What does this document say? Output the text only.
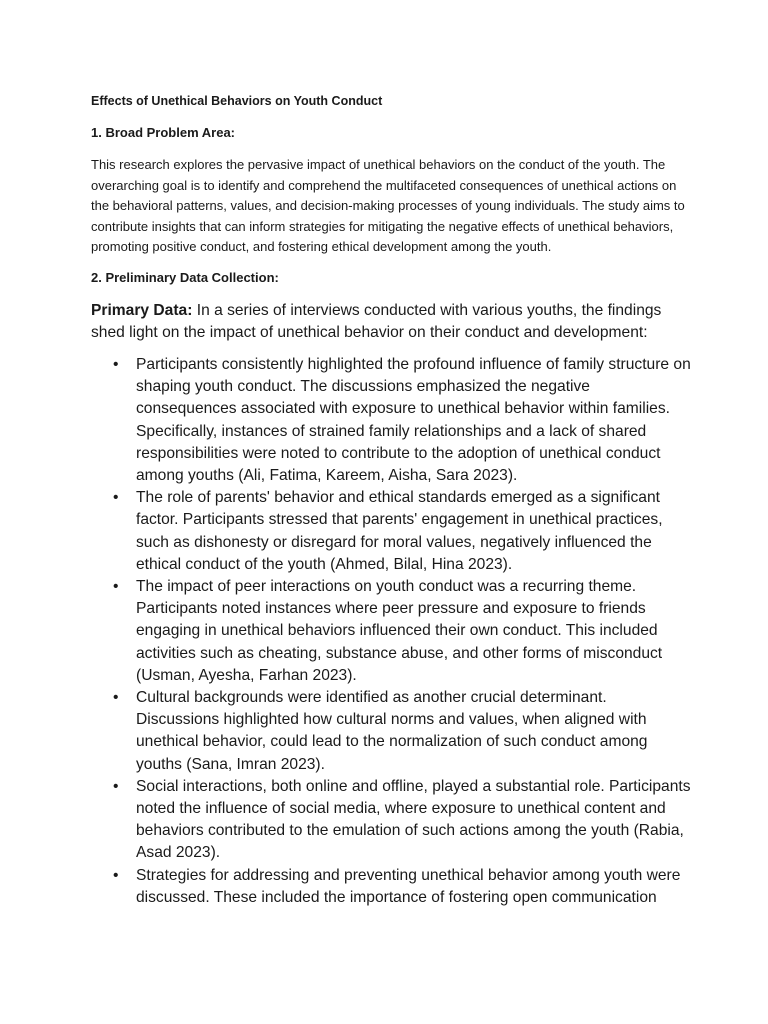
Effects of Unethical Behaviors on Youth Conduct
1. Broad Problem Area:

This research explores the pervasive impact of unethical behaviors on the conduct of the youth. The overarching goal is to identify and comprehend the multifaceted consequences of unethical actions on the behavioral patterns, values, and decision-making processes of young individuals. The study aims to contribute insights that can inform strategies for mitigating the negative effects of unethical behaviors, promoting positive conduct, and fostering ethical development among the youth.

2. Preliminary Data Collection:

Primary Data: In a series of interviews conducted with various youths, the findings shed light on the impact of unethical behavior on their conduct and development:

• Participants consistently highlighted the profound influence of family structure on shaping youth conduct. The discussions emphasized the negative consequences associated with exposure to unethical behavior within families. Specifically, instances of strained family relationships and a lack of shared responsibilities were noted to contribute to the adoption of unethical conduct among youths (Ali, Fatima, Kareem, Aisha, Sara 2023).
• The role of parents' behavior and ethical standards emerged as a significant factor. Participants stressed that parents' engagement in unethical practices, such as dishonesty or disregard for moral values, negatively influenced the ethical conduct of the youth (Ahmed, Bilal, Hina 2023).
• The impact of peer interactions on youth conduct was a recurring theme. Participants noted instances where peer pressure and exposure to friends engaging in unethical behaviors influenced their own conduct. This included activities such as cheating, substance abuse, and other forms of misconduct (Usman, Ayesha, Farhan 2023).
• Cultural backgrounds were identified as another crucial determinant. Discussions highlighted how cultural norms and values, when aligned with unethical behavior, could lead to the normalization of such conduct among youths (Sana, Imran 2023).
• Social interactions, both online and offline, played a substantial role. Participants noted the influence of social media, where exposure to unethical content and behaviors contributed to the emulation of such actions among the youth (Rabia, Asad 2023).
• Strategies for addressing and preventing unethical behavior among youth were discussed. These included the importance of fostering open communication
